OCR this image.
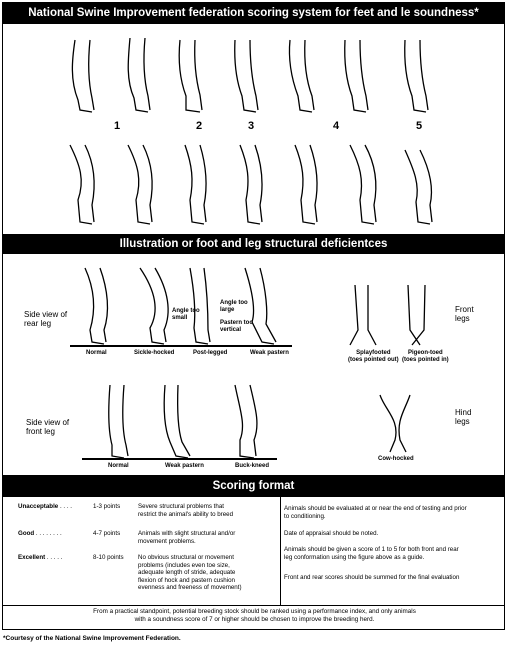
National Swine Improvement federation scoring system for feet and le soundness*
1	2	3	4	5
Illustration or foot and leg structural deficientces
Side view of
rear leg
Side view of
front leg
Front
legs
Hind
legs
Normal	Sickle-hocked	Post-legged	Weak pastern
Angle too
small
Angle too
large
Pastern too
vertical
Splayfooted
(toes pointed out)
Pigeon-toed
(toes pointed in)
Normal	Weak pastern	Buck-kneed
Cow-hocked
Scoring format
Unacceptable . . . .	1-3 points	Severe structural problems that
restrict the animal's ability to breed
Good . . . . . . . .	4-7 points	Animals with slight structural and/or
movement problems.
Excellent . . . . .	8-10 points No obvious structural or movement
problems (includes even toe size,
adequate length of stride, adequate
flexion of hock and pastern cushion
evenness and freeness of movement)
Animals should be evaluated at or near the end of testing and prior
to conditioning.
Date of appraisal should be noted.
Animals should be given a score of 1 to 5 for both front and rear
leg conformation using the figure above as a guide.
Front and rear scores should be summed for the final evaluation
From a practical standpoint, potential breeding stock should be ranked using a performance index, and only animals
with a soundness score of 7 or higher should be chosen to improve the breeding herd.
*Courtesy of the National Swine Improvement Federation.
